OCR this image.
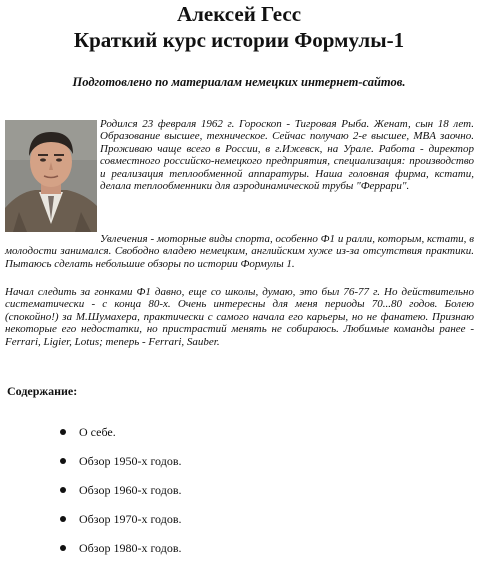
Алексей Гесс
Краткий курс истории Формулы-1
Подготовлено по материалам немецких интернет-сайтов.

Родился 23 февраля 1962 г. Гороскоп - Тигровая Рыба. Женат, сын 18 лет. Образование высшее, техническое. Сейчас получаю 2-е высшее, MBA заочно. Проживаю чаще всего в России, в г.Ижевск, на Урале. Работа - директор совместного российско-немецкого предприятия, специализация: производство и реализация теплообменной аппаратуры. Наша головная фирма, кстати, делала теплообменники для аэродинамической трубы "Феррари".

Увлечения - моторные виды спорта, особенно Ф1 и ралли, которым, кстати, в молодости занимался. Свободно владею немецким, английским хуже из-за отсутствия практики. Пытаюсь сделать небольшие обзоры по истории Формулы 1.

Начал следить за гонками Ф1 давно, еще со школы, думаю, это был 76-77 г. Но действительно систематически - с конца 80-х. Очень интересны для меня периоды 70...80 годов. Болею (спокойно!) за М.Шумахера, практически с самого начала его карьеры, но не фанатею. Признаю некоторые его недостатки, но пристрастий менять не собираюсь. Любимые команды ранее - Ferrari, Ligier, Lotus; теперь - Ferrari, Sauber.

Содержание:
О себе.
Обзор 1950-х годов.
Обзор 1960-х годов.
Обзор 1970-х годов.
Обзор 1980-х годов.
